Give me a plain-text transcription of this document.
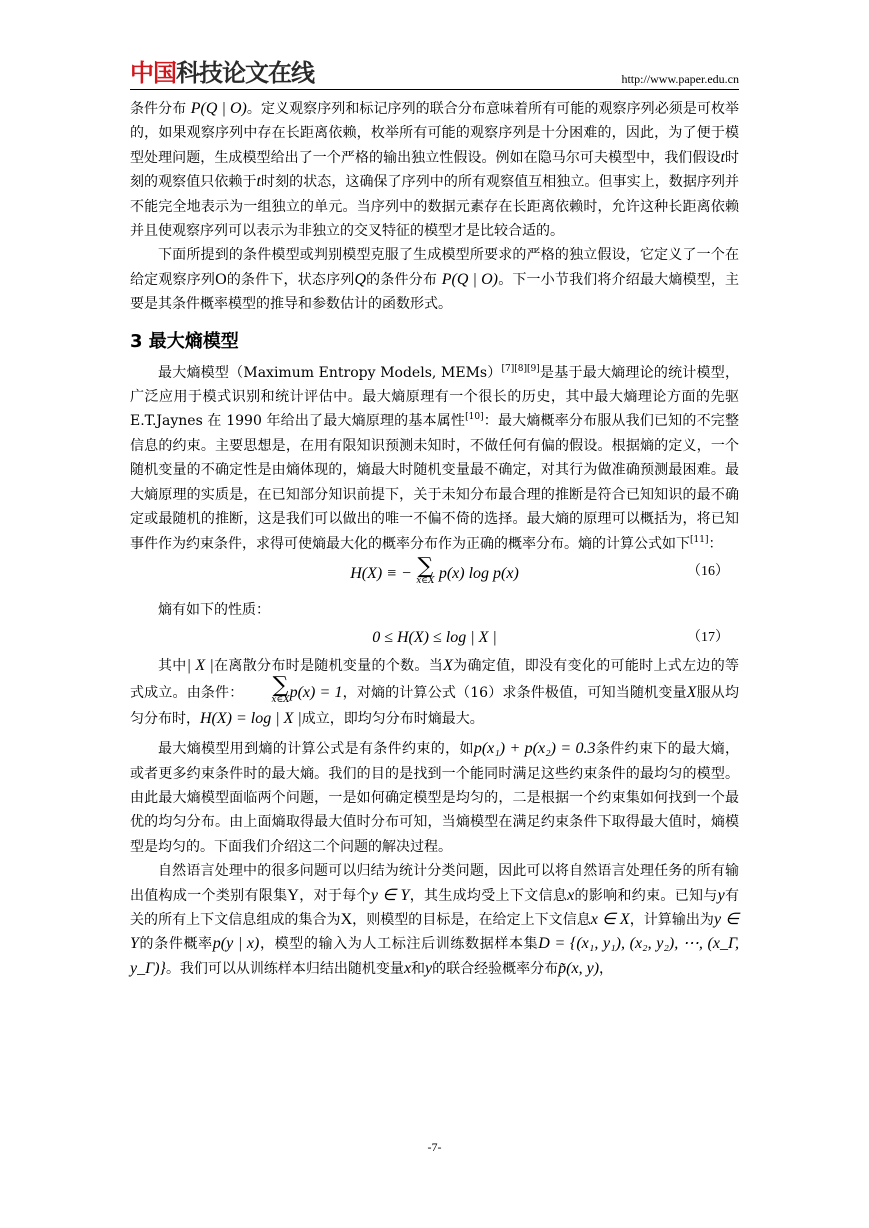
中国科技论文在线	http://www.paper.edu.cn

条件分布 P(Q | O)。定义观察序列和标记序列的联合分布意味着所有可能的观察序列必须是可枚举的，如果观察序列中存在长距离依赖，枚举所有可能的观察序列是十分困难的，因此，为了便于模型处理问题，生成模型给出了一个严格的输出独立性假设。例如在隐马尔可夫模型中，我们假设t时刻的观察值只依赖于t时刻的状态，这确保了序列中的所有观察值互相独立。但事实上，数据序列并不能完全地表示为一组独立的单元。当序列中的数据元素存在长距离依赖时，允许这种长距离依赖并且使观察序列可以表示为非独立的交叉特征的模型才是比较合适的。

下面所提到的条件模型或判别模型克服了生成模型所要求的严格的独立假设，它定义了一个在给定观察序列O的条件下，状态序列Q的条件分布 P(Q | O)。下一小节我们将介绍最大熵模型，主要是其条件概率模型的推导和参数估计的函数形式。

3 最大熵模型

最大熵模型（Maximum Entropy Models, MEMs）[7][8][9]是基于最大熵理论的统计模型，广泛应用于模式识别和统计评估中。最大熵原理有一个很长的历史，其中最大熵理论方面的先驱 E.T.Jaynes 在 1990 年给出了最大熵原理的基本属性[10]：最大熵概率分布服从我们已知的不完整信息的约束。主要思想是，在用有限知识预测未知时，不做任何有偏的假设。根据熵的定义，一个随机变量的不确定性是由熵体现的，熵最大时随机变量最不确定，对其行为做准确预测最困难。最大熵原理的实质是，在已知部分知识前提下，关于未知分布最合理的推断是符合已知知识的最不确定或最随机的推断，这是我们可以做出的唯一不偏不倚的选择。最大熵的原理可以概括为，将已知事件作为约束条件，求得可使熵最大化的概率分布作为正确的概率分布。熵的计算公式如下[11]：

H(X) ≡ − ∑
x∈X p(x) log p(x)	（16）

熵有如下的性质：

0 ≤ H(X) ≤ log | X |	（17）

其中| X |在离散分布时是随机变量的个数。当X为确定值，即没有变化的可能时上式左边的等式成立。由条件：	∑
x∈X p(x) = 1，对熵的计算公式（16）求条件极值，可知当随机变量X服从均匀分布时，H(X) = log | X |成立，即均匀分布时熵最大。

最大熵模型用到熵的计算公式是有条件约束的，如p(x₁) + p(x₂) = 0.3条件约束下的最大熵，或者更多约束条件时的最大熵。我们的目的是找到一个能同时满足这些约束条件的最均匀的模型。由此最大熵模型面临两个问题，一是如何确定模型是均匀的，二是根据一个约束集如何找到一个最优的均匀分布。由上面熵取得最大值时分布可知，当熵模型在满足约束条件下取得最大值时，熵模型是均匀的。下面我们介绍这二个问题的解决过程。

自然语言处理中的很多问题可以归结为统计分类问题，因此可以将自然语言处理任务的所有输出值构成一个类别有限集Y，对于每个y ∈ Y，其生成均受上下文信息x的影响和约束。已知与y有关的所有上下文信息组成的集合为X，则模型的目标是，在给定上下文信息x ∈ X，计算输出为y ∈ Y的条件概率p(y | x)，模型的输入为人工标注后训练数据样本集D = {(x₁, y₁), (x₂, y₂), ⋯, (x_Γ, y_Γ)}。我们可以从训练样本归结出随机变量x和y的联合经验概率分布p̃(x, y)，

-7-
